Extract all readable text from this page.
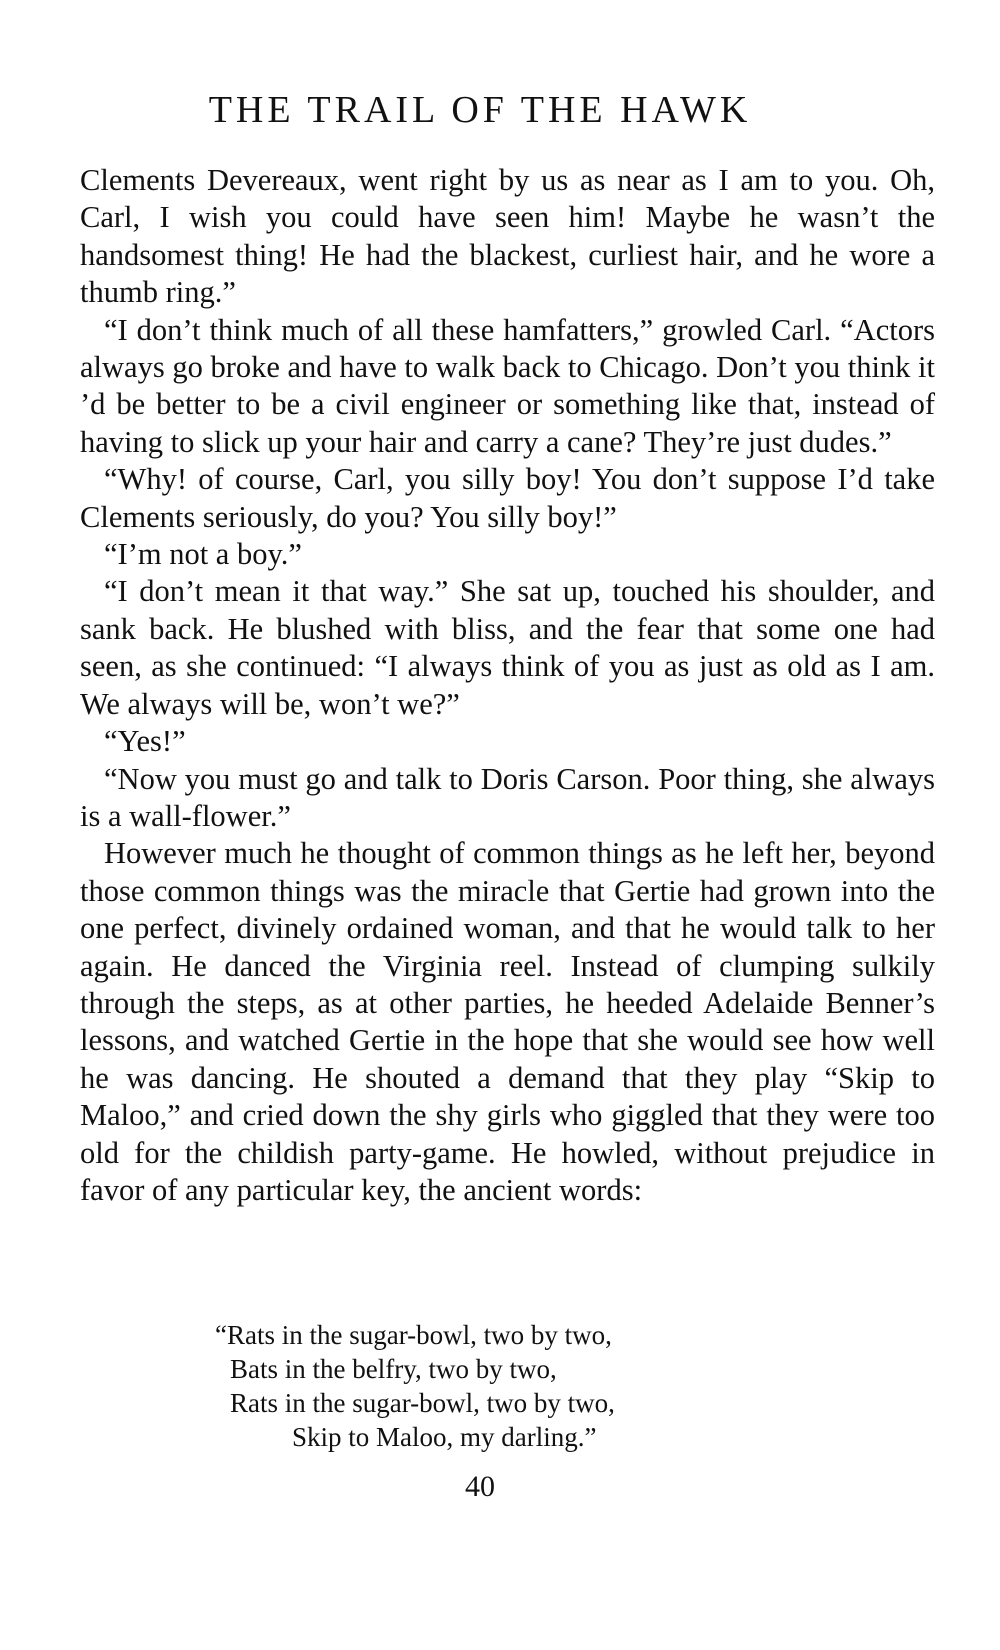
THE TRAIL OF THE HAWK

Clements Devereaux, went right by us as near as I am to you. Oh, Carl, I wish you could have seen him! Maybe he wasn’t the handsomest thing! He had the blackest, curliest hair, and he wore a thumb ring.”

“I don’t think much of all these hamfatters,” growled Carl. “Actors always go broke and have to walk back to Chicago. Don’t you think it ’d be better to be a civil engineer or something like that, instead of having to slick up your hair and carry a cane? They’re just dudes.”

“Why! of course, Carl, you silly boy! You don’t suppose I’d take Clements seriously, do you? You silly boy!”

“I’m not a boy.”

“I don’t mean it that way.” She sat up, touched his shoulder, and sank back. He blushed with bliss, and the fear that some one had seen, as she continued: “I always think of you as just as old as I am. We always will be, won’t we?”

“Yes!”

“Now you must go and talk to Doris Carson. Poor thing, she always is a wall-flower.”

However much he thought of common things as he left her, beyond those common things was the miracle that Gertie had grown into the one perfect, divinely ordained woman, and that he would talk to her again. He danced the Virginia reel. Instead of clumping sulkily through the steps, as at other parties, he heeded Adelaide Benner’s lessons, and watched Gertie in the hope that she would see how well he was dancing. He shouted a demand that they play “Skip to Maloo,” and cried down the shy girls who giggled that they were too old for the childish party-game. He howled, without prejudice in favor of any particular key, the ancient words:

“Rats in the sugar-bowl, two by two,
Bats in the belfry, two by two,
Rats in the sugar-bowl, two by two,
Skip to Maloo, my darling.”
40
